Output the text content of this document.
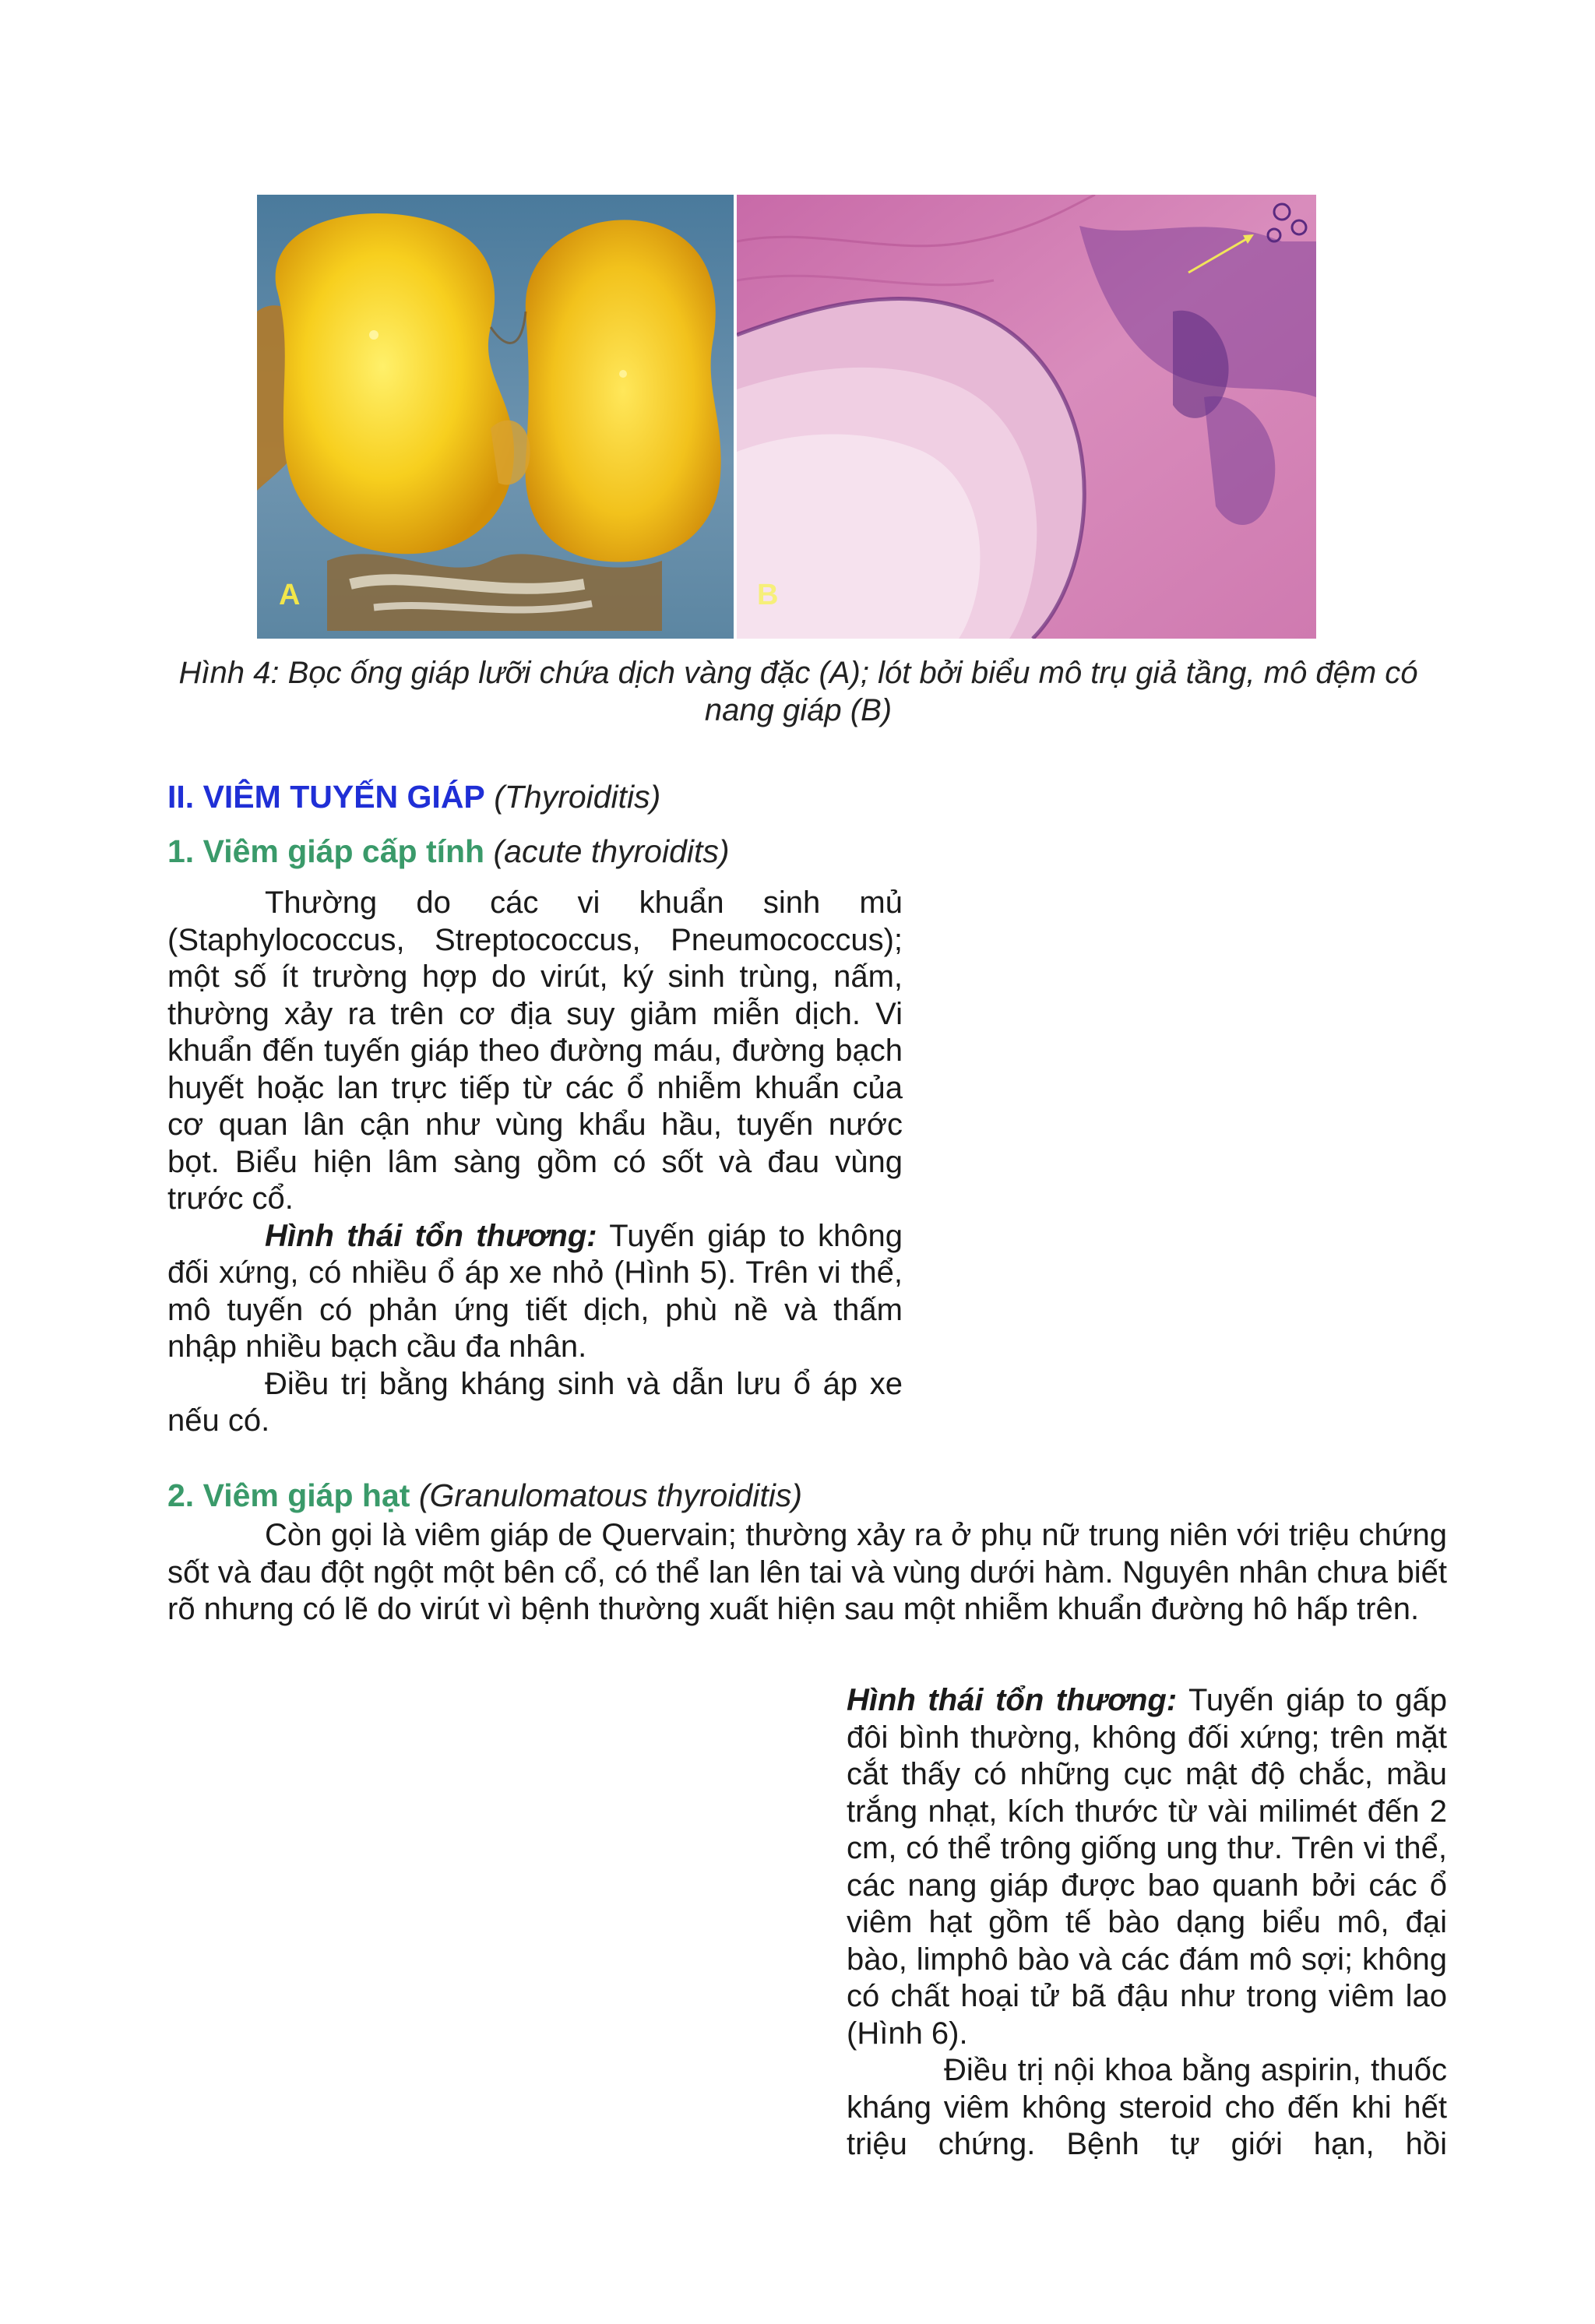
A	B
Hình 4: Bọc ống giáp lưỡi chứa dịch vàng đặc (A); lót bởi biểu mô trụ giả tầng, mô đệm có
nang giáp (B)
II. VIÊM TUYẾN GIÁP (Thyroiditis)
1. Viêm giáp cấp tính (acute thyroidits)

Thường do các vi khuẩn sinh mủ (Staphylococcus, Streptococcus, Pneumococcus); một số ít trường hợp do virút, ký sinh trùng, nấm, thường xảy ra trên cơ địa suy giảm miễn dịch. Vi khuẩn đến tuyến giáp theo đường máu, đường bạch huyết hoặc lan trực tiếp từ các ổ nhiễm khuẩn của cơ quan lân cận như vùng khẩu hầu, tuyến nước bọt. Biểu hiện lâm sàng gồm có sốt và đau vùng trước cổ.

Hình thái tổn thương: Tuyến giáp to không đối xứng, có nhiều ổ áp xe nhỏ (Hình 5). Trên vi thể, mô tuyến có phản ứng tiết dịch, phù nề và thấm nhập nhiều bạch cầu đa nhân.

Điều trị bằng kháng sinh và dẫn lưu ổ áp xe nếu có.

2. Viêm giáp hạt (Granulomatous thyroiditis)

Còn gọi là viêm giáp de Quervain; thường xảy ra ở phụ nữ trung niên với triệu chứng sốt và đau đột ngột một bên cổ, có thể lan lên tai và vùng dưới hàm. Nguyên nhân chưa biết rõ nhưng có lẽ do virút vì bệnh thường xuất hiện sau một nhiễm khuẩn đường hô hấp trên.

Hình thái tổn thương: Tuyến giáp to gấp đôi bình thường, không đối xứng; trên mặt cắt thấy có những cục mật độ chắc, mầu trắng nhạt, kích thước từ vài milimét đến 2 cm, có thể trông giống ung thư. Trên vi thể, các nang giáp được bao quanh bởi các ổ viêm hạt gồm tế bào dạng biểu mô, đại bào, limphô bào và các đám mô sợi; không có chất hoại tử bã đậu như trong viêm lao (Hình 6).

Điều trị nội khoa bằng aspirin, thuốc kháng viêm không steroid cho đến khi hết triệu chứng. Bệnh tự giới hạn, hồi
